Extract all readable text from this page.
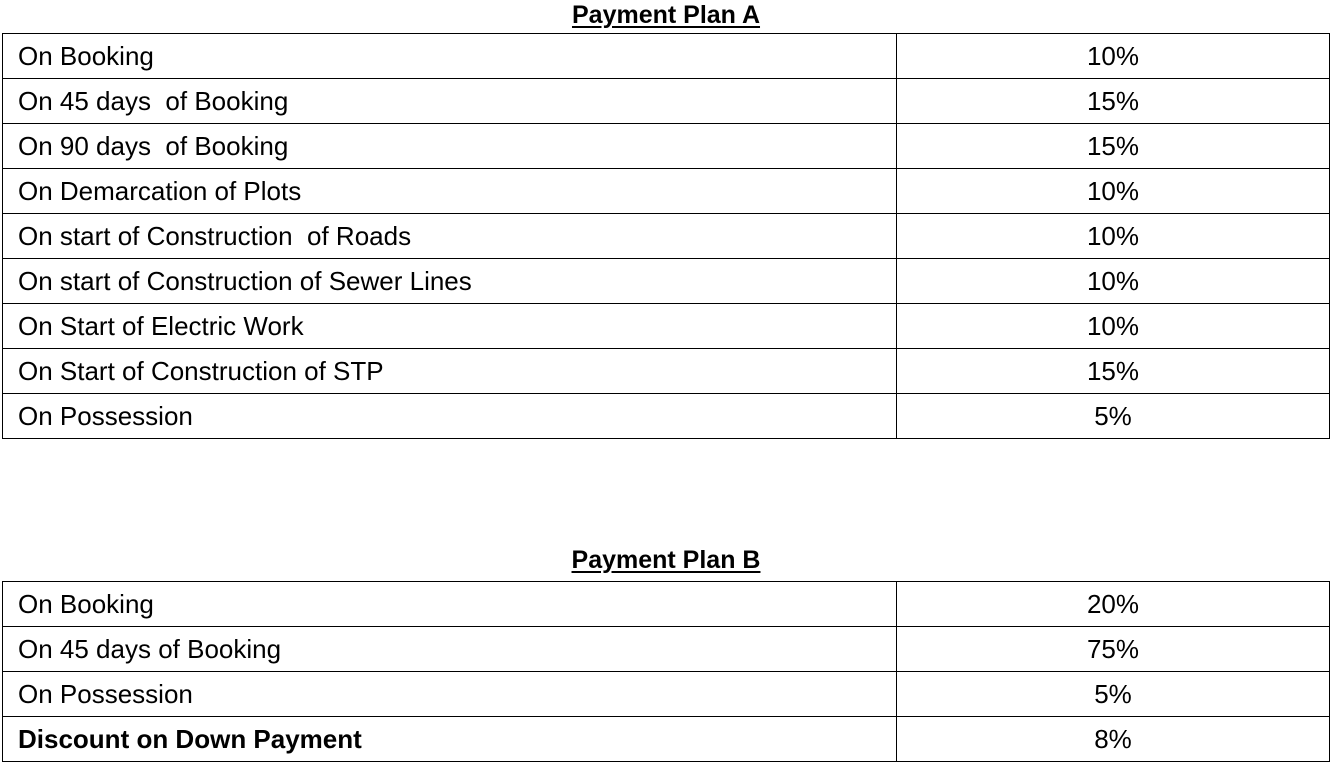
Payment Plan A
On Booking	10%
On 45 days  of Booking	15%
On 90 days  of Booking	15%
On Demarcation of Plots	10%
On start of Construction  of Roads	10%
On start of Construction of Sewer Lines	10%
On Start of Electric Work	10%
On Start of Construction of STP	15%
On Possession	5%
Payment Plan B
On Booking	20%
On 45 days of Booking	75%
On Possession	5%
Discount on Down Payment	8%
